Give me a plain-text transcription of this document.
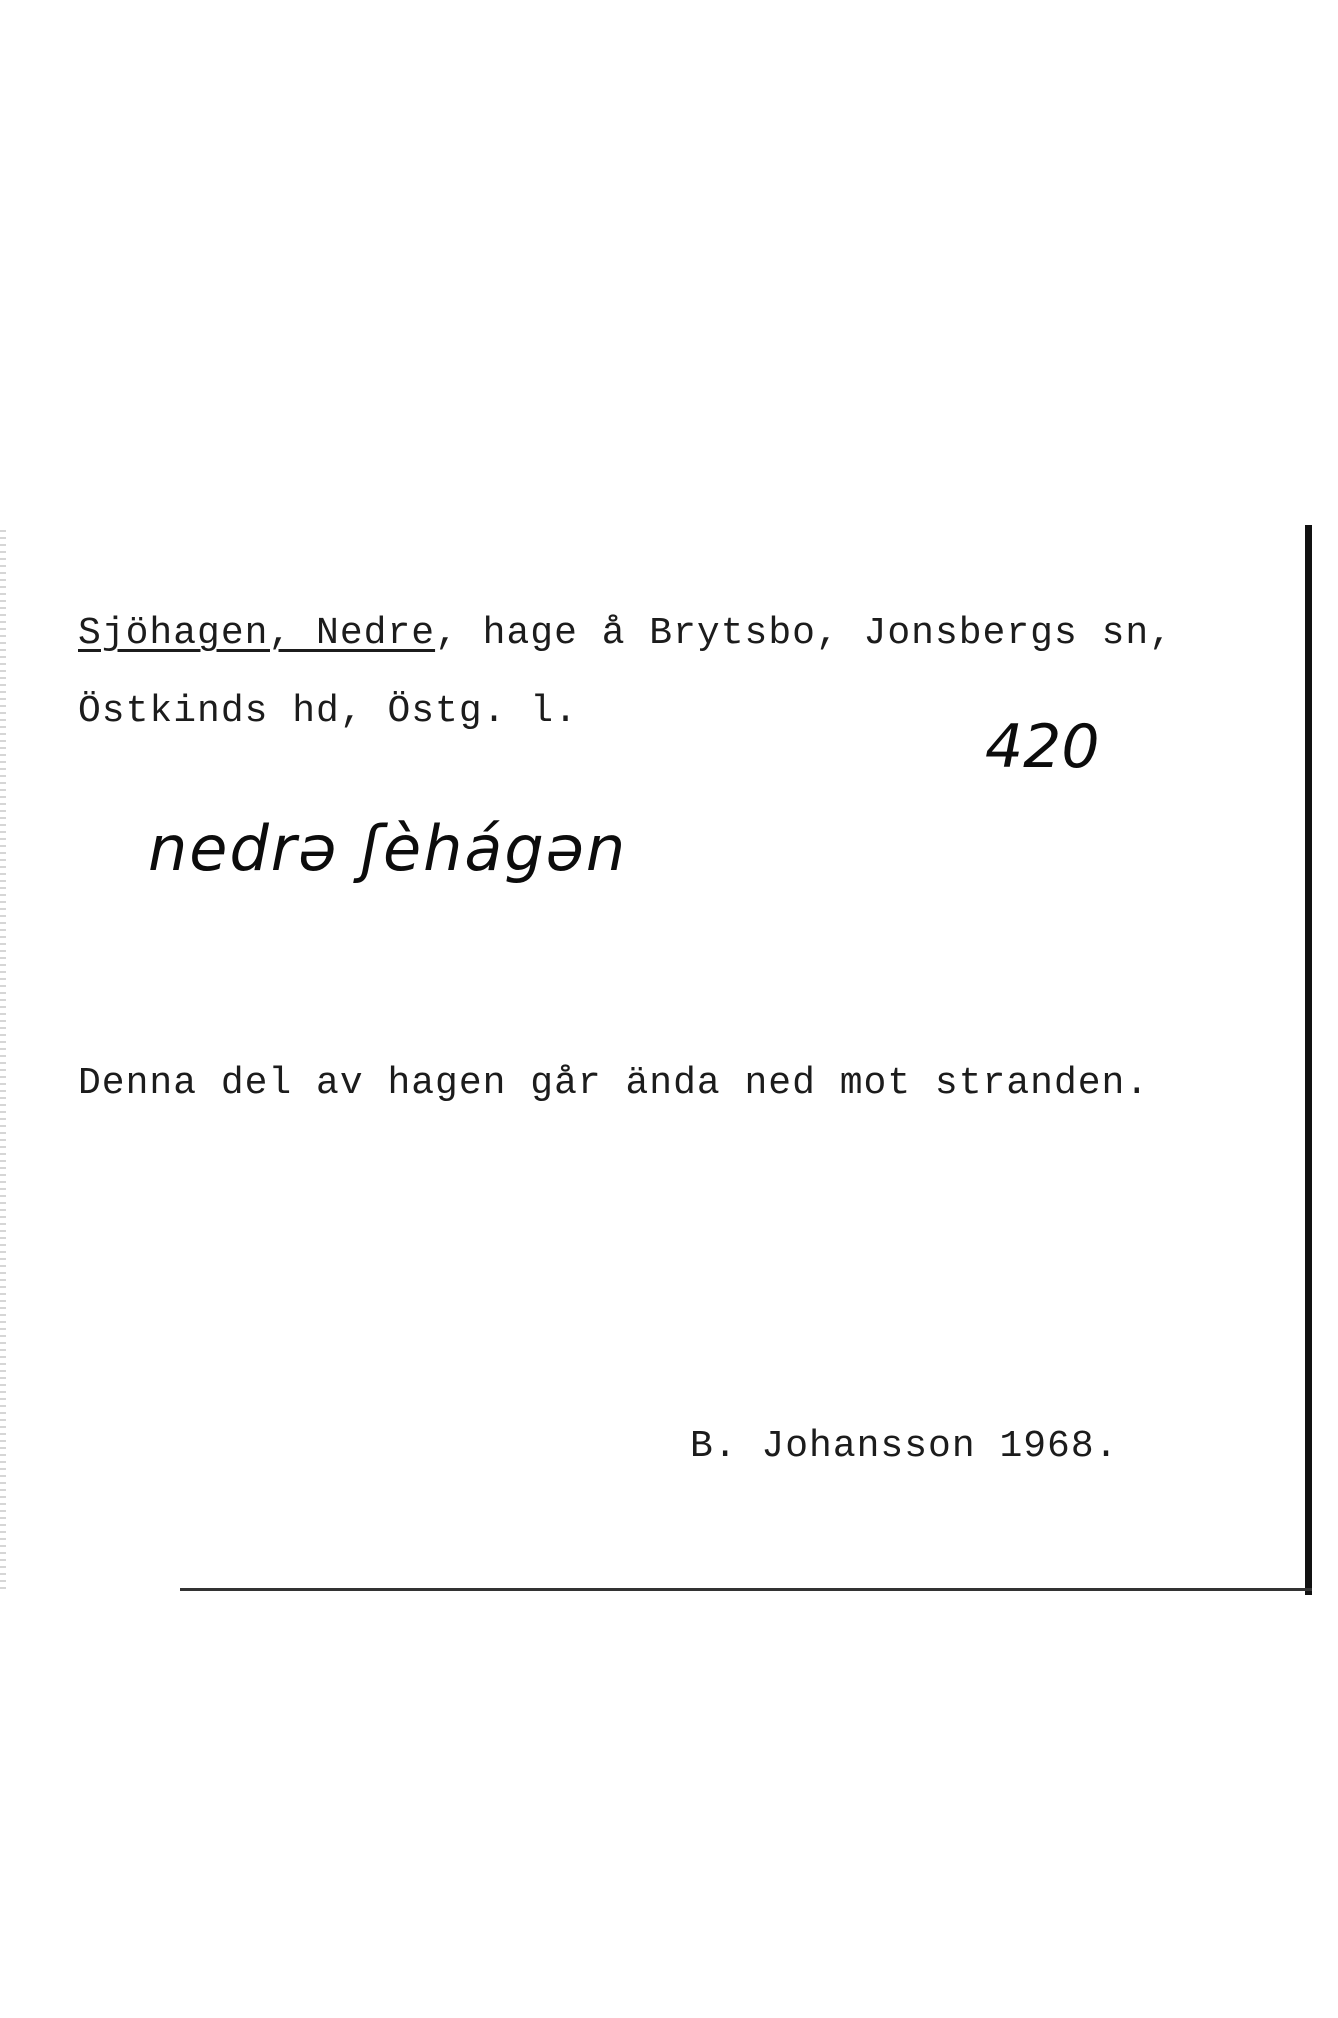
Sjöhagen, Nedre, hage å Brytsbo, Jonsbergs sn,

Östkinds hd, Östg. l.

420
nedrə ʃèhágən

Denna del av hagen går ända ned mot stranden.

B. Johansson 1968.
